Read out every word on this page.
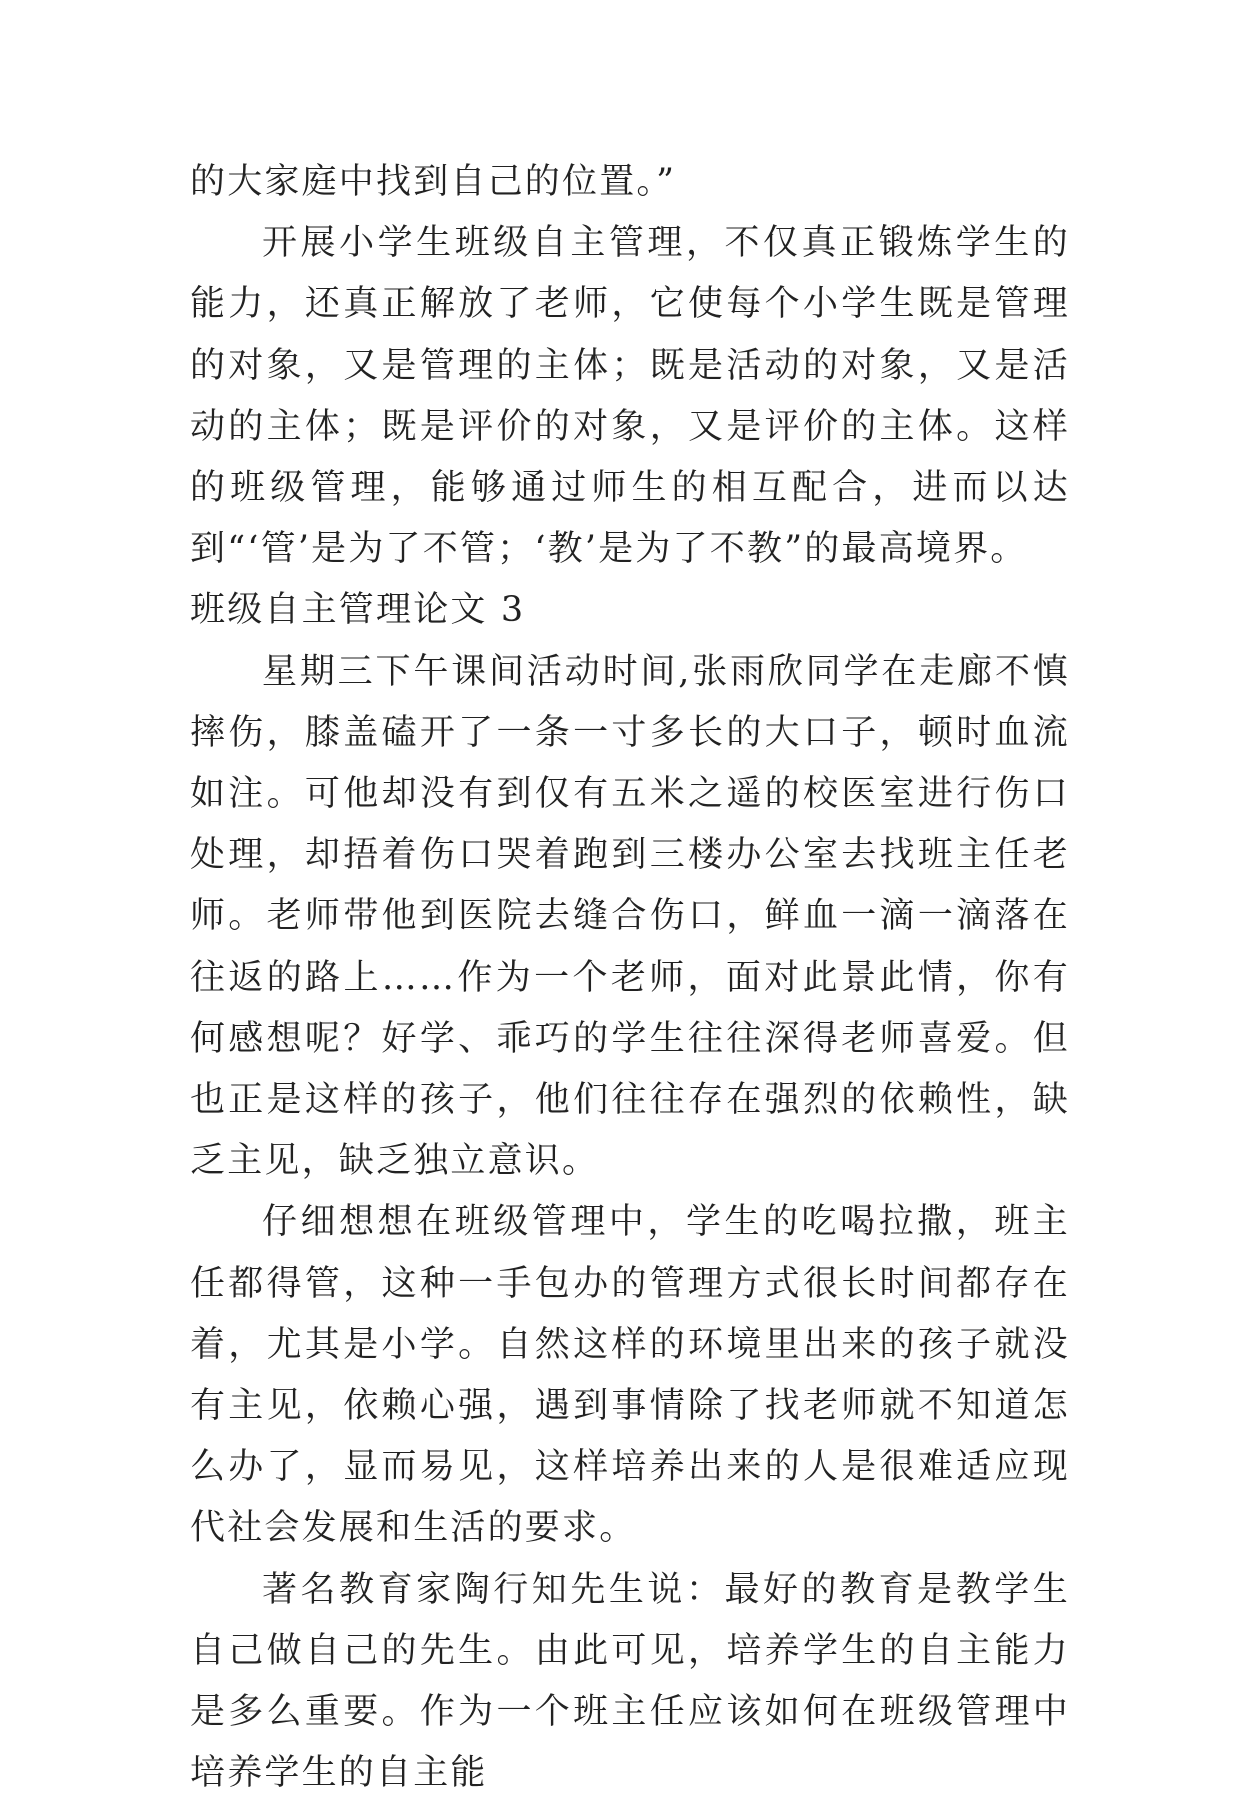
的大家庭中找到自己的位置。”

开展小学生班级自主管理，不仅真正锻炼学生的能力，还真正解放了老师，它使每个小学生既是管理的对象，又是管理的主体；既是活动的对象，又是活动的主体；既是评价的对象，又是评价的主体。这样的班级管理，能够通过师生的相互配合，进而以达到“‘管’是为了不管；‘教’是为了不教”的最高境界。

班级自主管理论文 3

星期三下午课间活动时间,张雨欣同学在走廊不慎摔伤，膝盖磕开了一条一寸多长的大口子，顿时血流如注。可他却没有到仅有五米之遥的校医室进行伤口处理，却捂着伤口哭着跑到三楼办公室去找班主任老师。老师带他到医院去缝合伤口，鲜血一滴一滴落在往返的路上……作为一个老师，面对此景此情，你有何感想呢？好学、乖巧的学生往往深得老师喜爱。但也正是这样的孩子，他们往往存在强烈的依赖性，缺乏主见，缺乏独立意识。

仔细想想在班级管理中，学生的吃喝拉撒，班主任都得管，这种一手包办的管理方式很长时间都存在着，尤其是小学。自然这样的环境里出来的孩子就没有主见，依赖心强，遇到事情除了找老师就不知道怎么办了，显而易见，这样培养出来的人是很难适应现代社会发展和生活的要求。

著名教育家陶行知先生说：最好的教育是教学生自己做自己的先生。由此可见，培养学生的自主能力是多么重要。作为一个班主任应该如何在班级管理中培养学生的自主能
